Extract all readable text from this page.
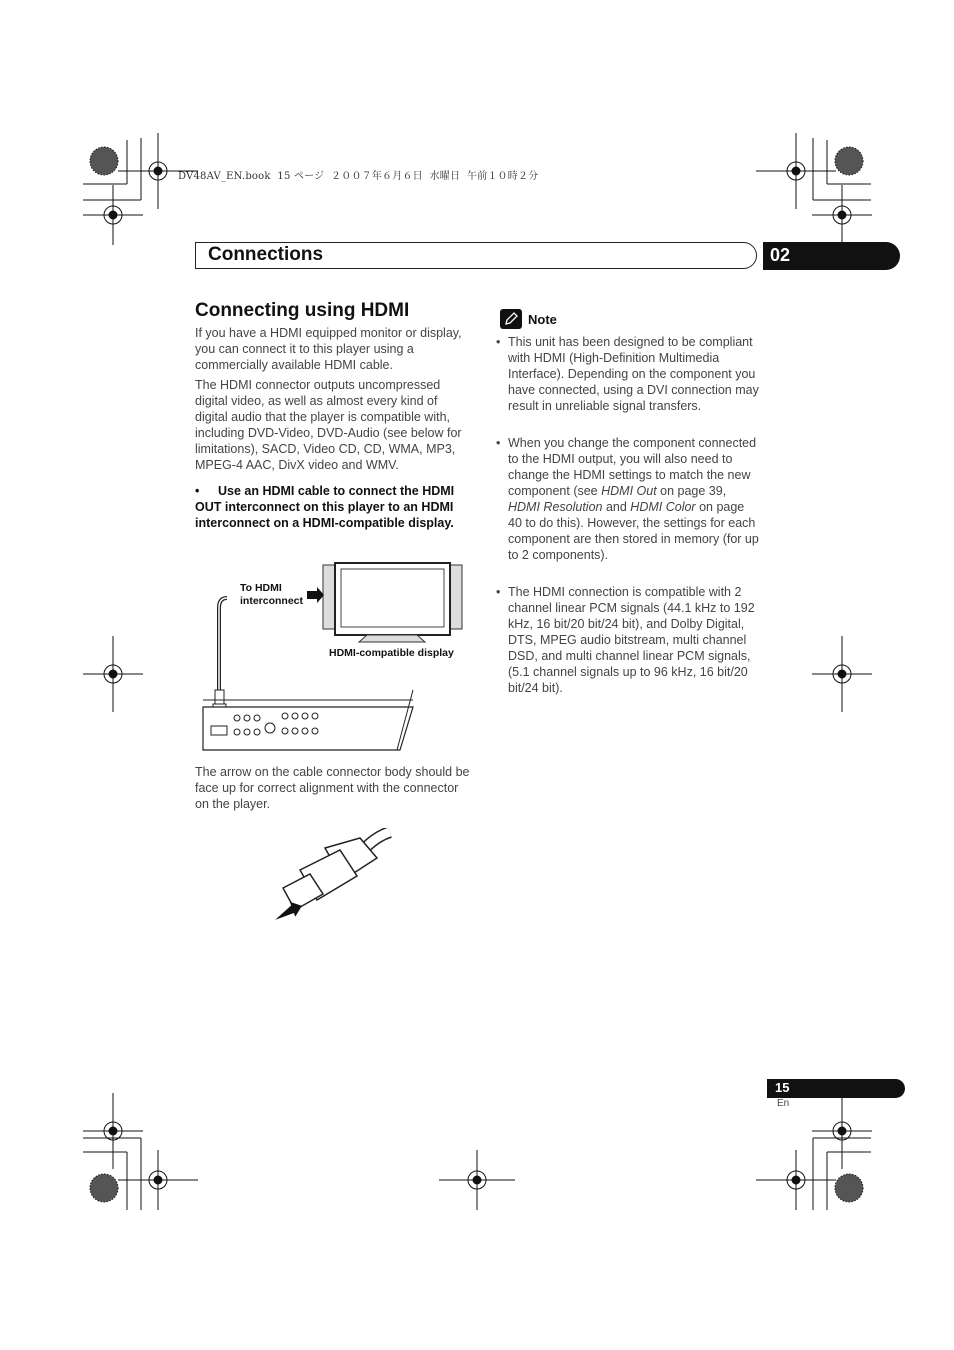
DV48AV_EN.book  15 ページ  ２００７年６月６日  水曜日  午前１０時２分
Connections	02
Connecting using HDMI
If you have a HDMI equipped monitor or display, you can connect it to this player using a commercially available HDMI cable.
The HDMI connector outputs uncompressed digital video, as well as almost every kind of digital audio that the player is compatible with, including DVD-Video, DVD-Audio (see below for limitations), SACD, Video CD, CD, WMA, MP3, MPEG-4 AAC, DivX video and WMV.
•	Use an HDMI cable to connect the HDMI OUT interconnect on this player to an HDMI interconnect on a HDMI-compatible display.
To HDMI interconnect
HDMI-compatible display
The arrow on the cable connector body should be face up for correct alignment with the connector on the player.
Note
• This unit has been designed to be compliant with HDMI (High-Definition Multimedia Interface). Depending on the component you have connected, using a DVI connection may result in unreliable signal transfers.
• When you change the component connected to the HDMI output, you will also need to change the HDMI settings to match the new component (see HDMI Out on page 39, HDMI Resolution and HDMI Color on page 40 to do this). However, the settings for each component are then stored in memory (for up to 2 components).
• The HDMI connection is compatible with 2 channel linear PCM signals (44.1 kHz to 192 kHz, 16 bit/20 bit/24 bit), and Dolby Digital, DTS, MPEG audio bitstream, multi channel DSD, and multi channel linear PCM signals, (5.1 channel signals up to 96 kHz, 16 bit/20 bit/24 bit).
15
En
